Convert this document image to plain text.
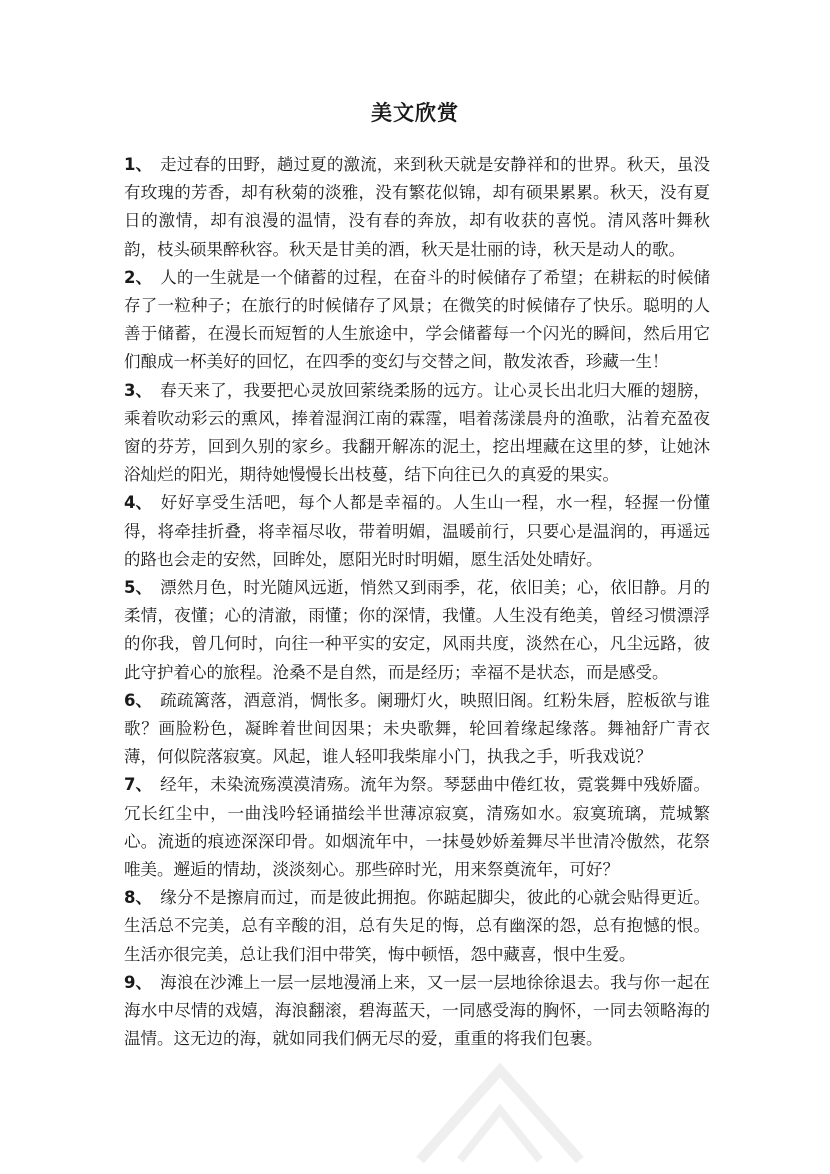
美文欣赏

1、 走过春的田野，趟过夏的激流，来到秋天就是安静祥和的世界。秋天，虽没有玫瑰的芳香，却有秋菊的淡雅，没有繁花似锦，却有硕果累累。秋天，没有夏日的激情，却有浪漫的温情，没有春的奔放，却有收获的喜悦。清风落叶舞秋韵，枝头硕果醉秋容。秋天是甘美的酒，秋天是壮丽的诗，秋天是动人的歌。

2、 人的一生就是一个储蓄的过程，在奋斗的时候储存了希望；在耕耘的时候储存了一粒种子；在旅行的时候储存了风景；在微笑的时候储存了快乐。聪明的人善于储蓄，在漫长而短暂的人生旅途中，学会储蓄每一个闪光的瞬间，然后用它们酿成一杯美好的回忆，在四季的变幻与交替之间，散发浓香，珍藏一生！

3、 春天来了，我要把心灵放回萦绕柔肠的远方。让心灵长出北归大雁的翅膀，乘着吹动彩云的熏风，捧着湿润江南的霖霪，唱着荡漾晨舟的渔歌，沾着充盈夜窗的芬芳，回到久别的家乡。我翻开解冻的泥土，挖出埋藏在这里的梦，让她沐浴灿烂的阳光，期待她慢慢长出枝蔓，结下向往已久的真爱的果实。

4、 好好享受生活吧，每个人都是幸福的。人生山一程，水一程，轻握一份懂得，将牵挂折叠，将幸福尽收，带着明媚，温暖前行，只要心是温润的，再遥远的路也会走的安然，回眸处，愿阳光时时明媚，愿生活处处晴好。

5、 漂然月色，时光随风远逝，悄然又到雨季，花，依旧美；心，依旧静。月的柔情，夜懂；心的清澈，雨懂；你的深情，我懂。人生没有绝美，曾经习惯漂浮的你我，曾几何时，向往一种平实的安定，风雨共度，淡然在心，凡尘远路，彼此守护着心的旅程。沧桑不是自然，而是经历；幸福不是状态，而是感受。

6、 疏疏篱落，酒意消，惆怅多。阑珊灯火，映照旧阁。红粉朱唇，腔板欲与谁歌？画脸粉色，凝眸着世间因果；未央歌舞，轮回着缘起缘落。舞袖舒广青衣薄，何似院落寂寞。风起，谁人轻叩我柴扉小门，执我之手，听我戏说？

7、 经年，未染流殇漠漠清殇。流年为祭。琴瑟曲中倦红妆，霓裳舞中残娇靥。冗长红尘中，一曲浅吟轻诵描绘半世薄凉寂寞，清殇如水。寂寞琉璃，荒城繁心。流逝的痕迹深深印骨。如烟流年中，一抹曼妙娇羞舞尽半世清冷傲然，花祭唯美。邂逅的情劫，淡淡刻心。那些碎时光，用来祭奠流年，可好？

8、 缘分不是擦肩而过，而是彼此拥抱。你踮起脚尖，彼此的心就会贴得更近。生活总不完美，总有辛酸的泪，总有失足的悔，总有幽深的怨，总有抱憾的恨。生活亦很完美，总让我们泪中带笑，悔中顿悟，怨中藏喜，恨中生爱。

9、 海浪在沙滩上一层一层地漫涌上来，又一层一层地徐徐退去。我与你一起在海水中尽情的戏嬉，海浪翻滚，碧海蓝天，一同感受海的胸怀，一同去领略海的温情。这无边的海，就如同我们俩无尽的爱，重重的将我们包裹。
